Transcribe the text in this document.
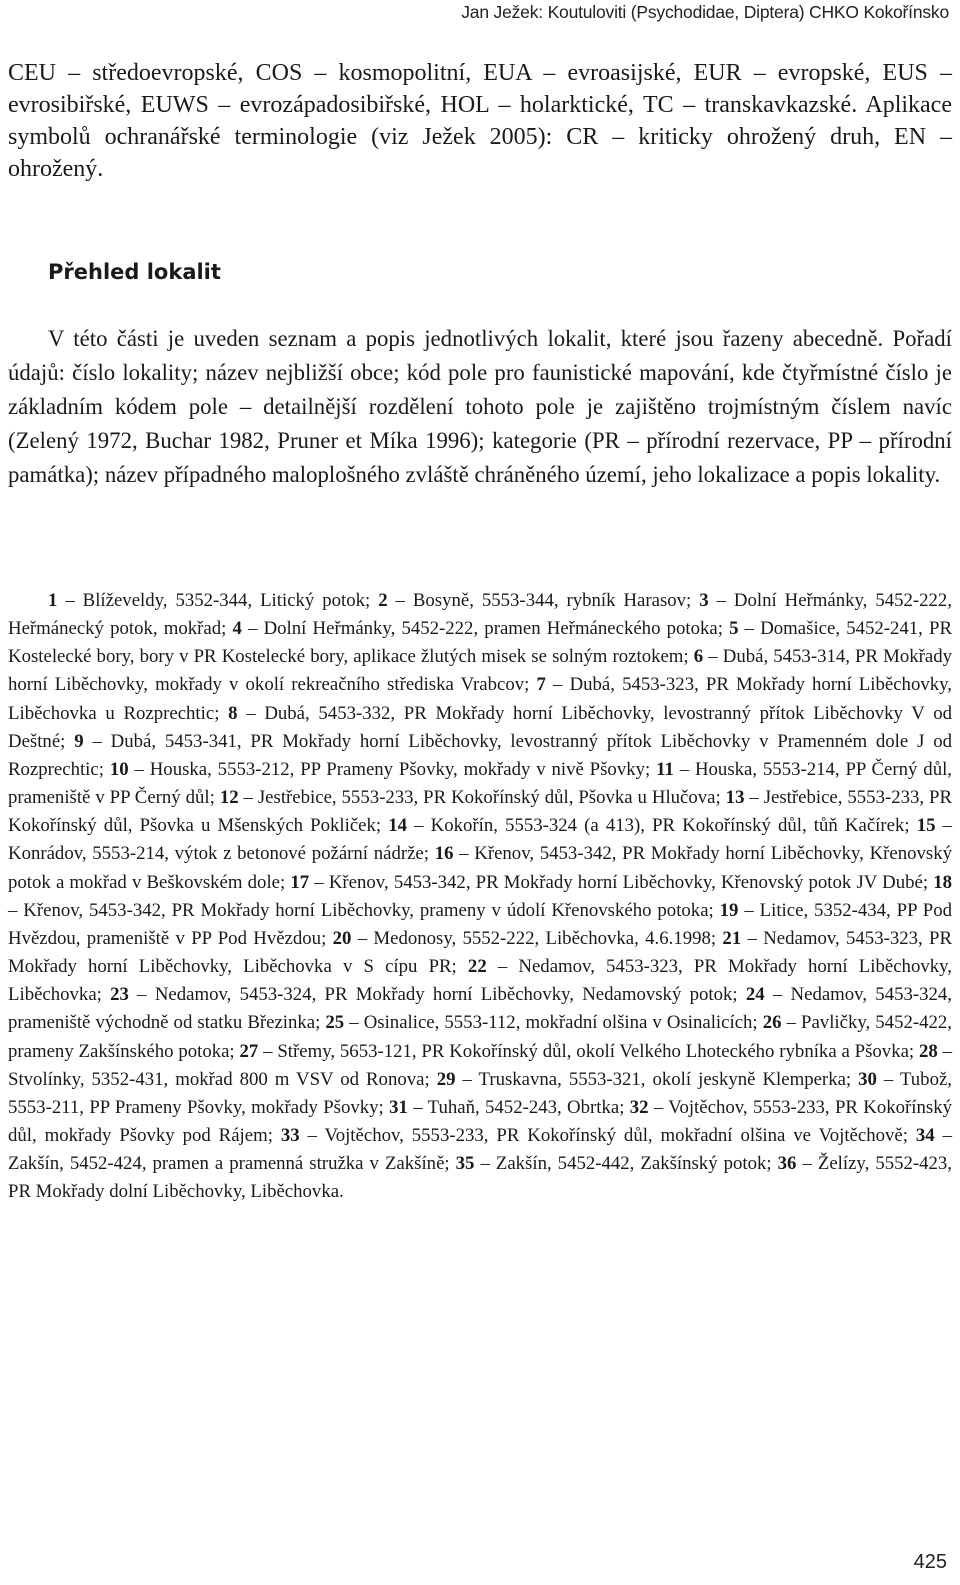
Jan Ježek: Koutuloviti (Psychodidae, Diptera) CHKO Kokořínsko

CEU – středoevropské, COS – kosmopolitní, EUA – evroasijské, EUR – evropské, EUS – evrosibiřské, EUWS – evrozápadosibiřské, HOL – holarktické, TC – transkavkazské. Aplikace symbolů ochranářské terminologie (viz Ježek 2005): CR – kriticky ohrožený druh, EN – ohrožený.

Přehled lokalit

V této části je uveden seznam a popis jednotlivých lokalit, které jsou řazeny abecedně. Pořadí údajů: číslo lokality; název nejbližší obce; kód pole pro faunistické mapování, kde čtyřmístné číslo je základním kódem pole – detailnější rozdělení tohoto pole je zajištěno trojmístným číslem navíc (Zelený 1972, Buchar 1982, Pruner et Míka 1996); kategorie (PR – přírodní rezervace, PP – přírodní památka); název případného maloplošného zvláště chráněného území, jeho lokalizace a popis lokality.

1 – Blíževeldy, 5352-344, Litický potok; 2 – Bosyně, 5553-344, rybník Harasov; 3 – Dolní Heřmánky, 5452-222, Heřmánecký potok, mokřad; 4 – Dolní Heřmánky, 5452-222, pramen Heřmáneckého potoka; 5 – Domašice, 5452-241, PR Kostelecké bory, bory v PR Kostelecké bory, aplikace žlutých misek se solným roztokem; 6 – Dubá, 5453-314, PR Mokřady horní Liběchovky, mokřady v okolí rekreačního střediska Vrabcov; 7 – Dubá, 5453-323, PR Mokřady horní Liběchovky, Liběchovka u Rozprechtic; 8 – Dubá, 5453-332, PR Mokřady horní Liběchovky, levostranný přítok Liběchovky V od Deštné; 9 – Dubá, 5453-341, PR Mokřady horní Liběchovky, levostranný přítok Liběchovky v Pramenném dole J od Rozprechtic; 10 – Houska, 5553-212, PP Prameny Pšovky, mokřady v nivě Pšovky; 11 – Houska, 5553-214, PP Černý důl, prameniště v PP Černý důl; 12 – Jestřebice, 5553-233, PR Kokořínský důl, Pšovka u Hlučova; 13 – Jestřebice, 5553-233, PR Kokořínský důl, Pšovka u Mšenských Pokliček; 14 – Kokořín, 5553-324 (a 413), PR Kokořínský důl, tůň Kačírek; 15 – Konrádov, 5553-214, výtok z betonové požární nádrže; 16 – Křenov, 5453-342, PR Mokřady horní Liběchovky, Křenovský potok a mokřad v Beškovském dole; 17 – Křenov, 5453-342, PR Mokřady horní Liběchovky, Křenovský potok JV Dubé; 18 – Křenov, 5453-342, PR Mokřady horní Liběchovky, prameny v údolí Křenovského potoka; 19 – Litice, 5352-434, PP Pod Hvězdou, prameniště v PP Pod Hvězdou; 20 – Medonosy, 5552-222, Liběchovka, 4.6.1998; 21 – Nedamov, 5453-323, PR Mokřady horní Liběchovky, Liběchovka v S cípu PR; 22 – Nedamov, 5453-323, PR Mokřady horní Liběchovky, Liběchovka; 23 – Nedamov, 5453-324, PR Mokřady horní Liběchovky, Nedamovský potok; 24 – Nedamov, 5453-324, prameniště východně od statku Březinka; 25 – Osinalice, 5553-112, mokřadní olšina v Osinalicích; 26 – Pavličky, 5452-422, prameny Zakšínského potoka; 27 – Střemy, 5653-121, PR Kokořínský důl, okolí Velkého Lhoteckého rybníka a Pšovka; 28 – Stvolínky, 5352-431, mokřad 800 m VSV od Ronova; 29 – Truskavna, 5553-321, okolí jeskyně Klemperka; 30 – Tubož, 5553-211, PP Prameny Pšovky, mokřady Pšovky; 31 – Tuhaň, 5452-243, Obrtka; 32 – Vojtěchov, 5553-233, PR Kokořínský důl, mokřady Pšovky pod Rájem; 33 – Vojtěchov, 5553-233, PR Kokořínský důl, mokřadní olšina ve Vojtěchově; 34 – Zakšín, 5452-424, pramen a pramenná stružka v Zakšíně; 35 – Zakšín, 5452-442, Zakšínský potok; 36 – Želízy, 5552-423, PR Mokřady dolní Liběchovky, Liběchovka.

425
